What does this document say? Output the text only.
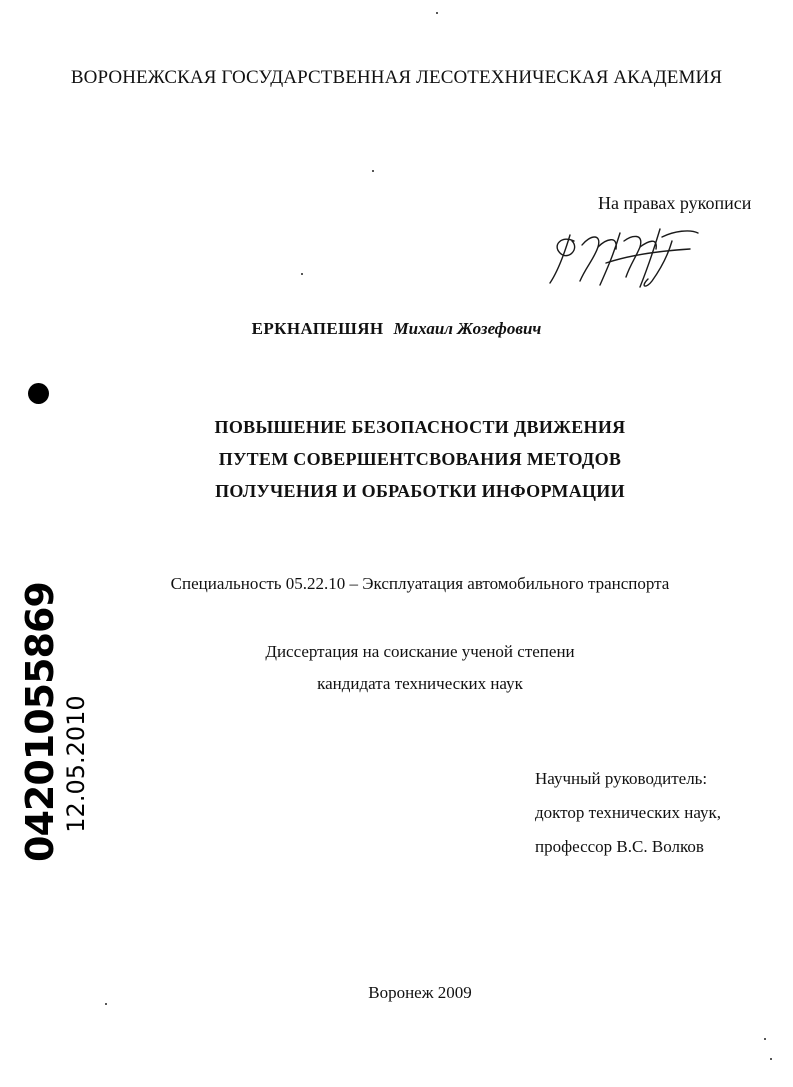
ВОРОНЕЖСКАЯ ГОСУДАРСТВЕННАЯ ЛЕСОТЕХНИЧЕСКАЯ АКАДЕМИЯ
На правах рукописи
ЕРКНАПЕШЯН Михаил Жозефович
ПОВЫШЕНИЕ БЕЗОПАСНОСТИ ДВИЖЕНИЯ
ПУТЕМ СОВЕРШЕНТСВОВАНИЯ МЕТОДОВ
ПОЛУЧЕНИЯ И ОБРАБОТКИ ИНФОРМАЦИИ
Специальность 05.22.10 – Эксплуатация автомобильного транспорта
Диссертация на соискание ученой степени
кандидата технических наук
Научный руководитель:
доктор технических наук,
профессор В.С. Волков
Воронеж 2009
04201055869 12.05.2010
